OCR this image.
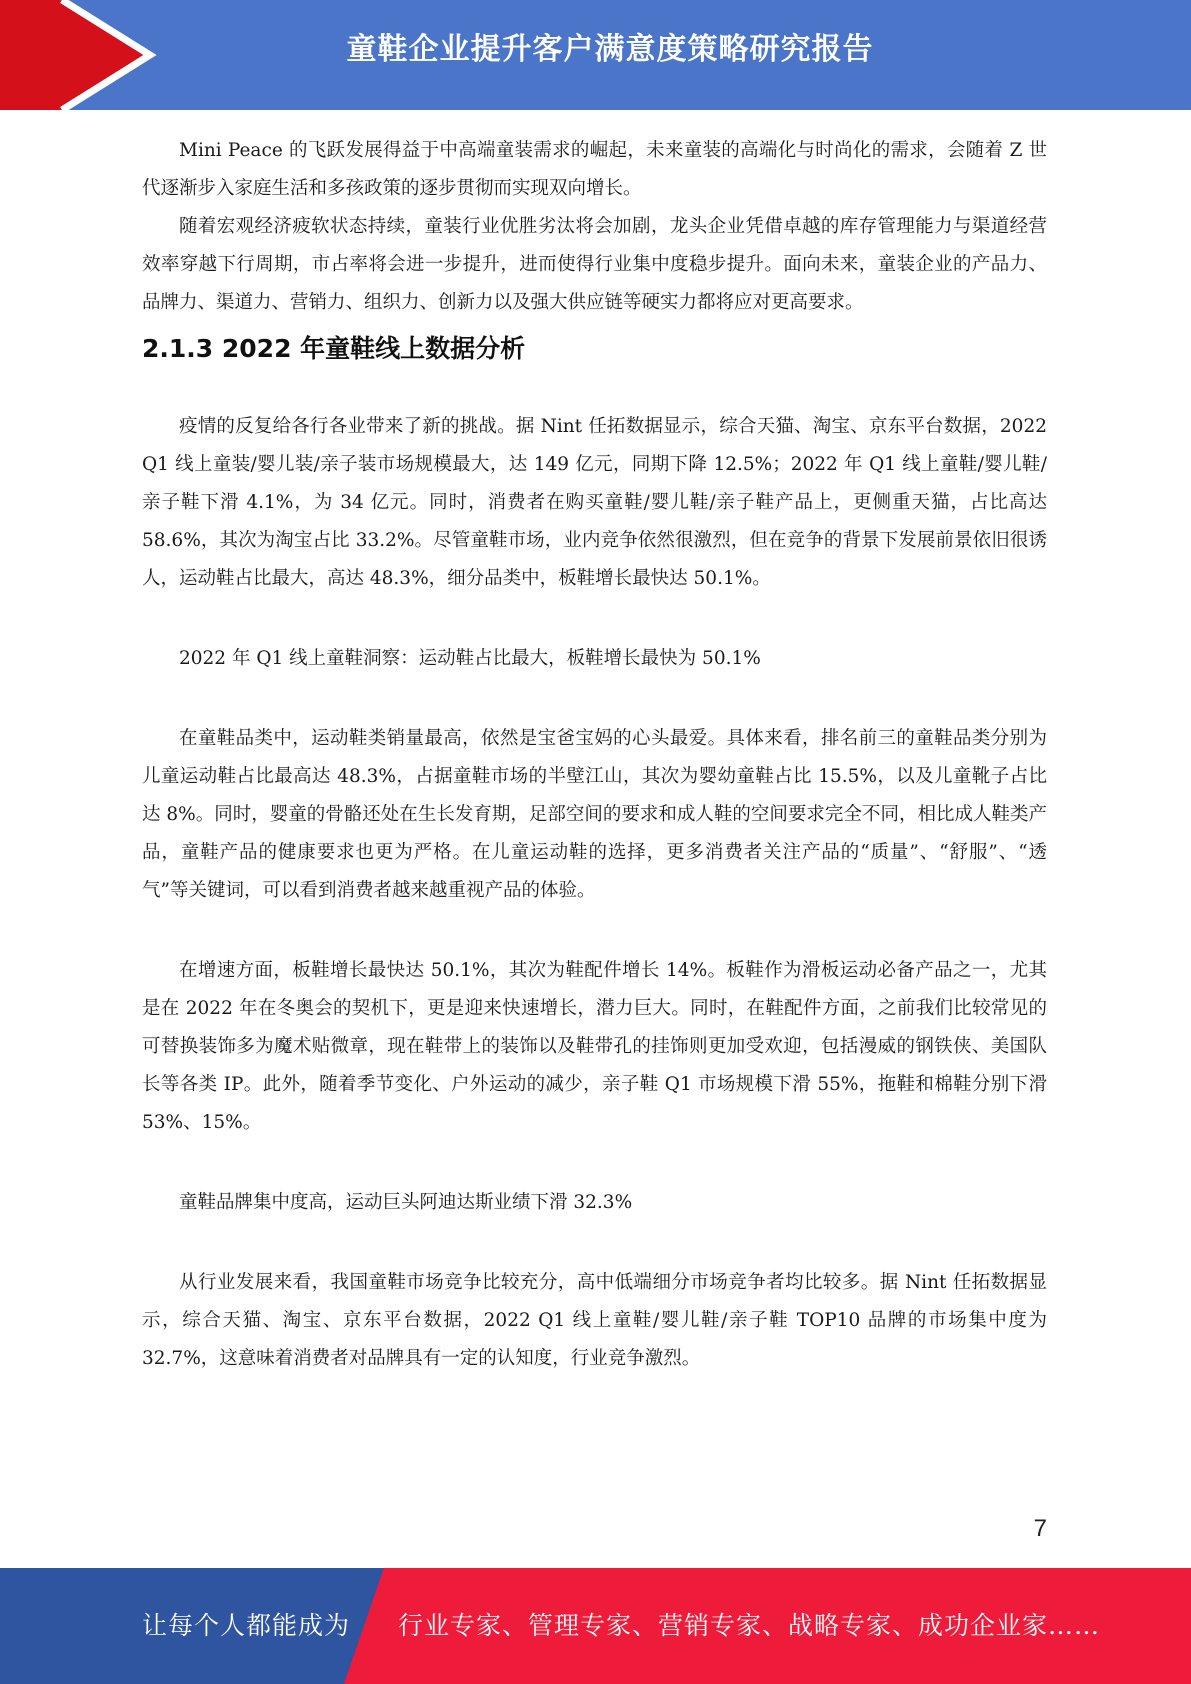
童鞋企业提升客户满意度策略研究报告

Mini Peace 的飞跃发展得益于中高端童装需求的崛起，未来童装的高端化与时尚化的需求，会随着 Z 世代逐渐步入家庭生活和多孩政策的逐步贯彻而实现双向增长。

随着宏观经济疲软状态持续，童装行业优胜劣汰将会加剧，龙头企业凭借卓越的库存管理能力与渠道经营效率穿越下行周期，市占率将会进一步提升，进而使得行业集中度稳步提升。面向未来，童装企业的产品力、品牌力、渠道力、营销力、组织力、创新力以及强大供应链等硬实力都将应对更高要求。

2.1.3 2022 年童鞋线上数据分析

疫情的反复给各行各业带来了新的挑战。据 Nint 任拓数据显示，综合天猫、淘宝、京东平台数据，2022 Q1 线上童装/婴儿装/亲子装市场规模最大，达 149 亿元，同期下降 12.5%；2022 年 Q1 线上童鞋/婴儿鞋/亲子鞋下滑 4.1%，为 34 亿元。同时，消费者在购买童鞋/婴儿鞋/亲子鞋产品上，更侧重天猫，占比高达 58.6%，其次为淘宝占比 33.2%。尽管童鞋市场，业内竞争依然很激烈，但在竞争的背景下发展前景依旧很诱人，运动鞋占比最大，高达 48.3%，细分品类中，板鞋增长最快达 50.1%。

2022 年 Q1 线上童鞋洞察：运动鞋占比最大，板鞋增长最快为 50.1%

在童鞋品类中，运动鞋类销量最高，依然是宝爸宝妈的心头最爱。具体来看，排名前三的童鞋品类分别为儿童运动鞋占比最高达 48.3%，占据童鞋市场的半壁江山，其次为婴幼童鞋占比 15.5%，以及儿童靴子占比达 8%。同时，婴童的骨骼还处在生长发育期，足部空间的要求和成人鞋的空间要求完全不同，相比成人鞋类产品，童鞋产品的健康要求也更为严格。在儿童运动鞋的选择，更多消费者关注产品的“质量”、“舒服”、“透气”等关键词，可以看到消费者越来越重视产品的体验。

在增速方面，板鞋增长最快达 50.1%，其次为鞋配件增长 14%。板鞋作为滑板运动必备产品之一，尤其是在 2022 年在冬奥会的契机下，更是迎来快速增长，潜力巨大。同时，在鞋配件方面，之前我们比较常见的可替换装饰多为魔术贴微章，现在鞋带上的装饰以及鞋带孔的挂饰则更加受欢迎，包括漫威的钢铁侠、美国队长等各类 IP。此外，随着季节变化、户外运动的减少，亲子鞋 Q1 市场规模下滑 55%，拖鞋和棉鞋分别下滑 53%、15%。

童鞋品牌集中度高，运动巨头阿迪达斯业绩下滑 32.3%

从行业发展来看，我国童鞋市场竞争比较充分，高中低端细分市场竞争者均比较多。据 Nint 任拓数据显示，综合天猫、淘宝、京东平台数据，2022 Q1 线上童鞋/婴儿鞋/亲子鞋 TOP10 品牌的市场集中度为 32.7%，这意味着消费者对品牌具有一定的认知度，行业竞争激烈。

7
让每个人都能成为 行业专家、管理专家、营销专家、战略专家、成功企业家……
